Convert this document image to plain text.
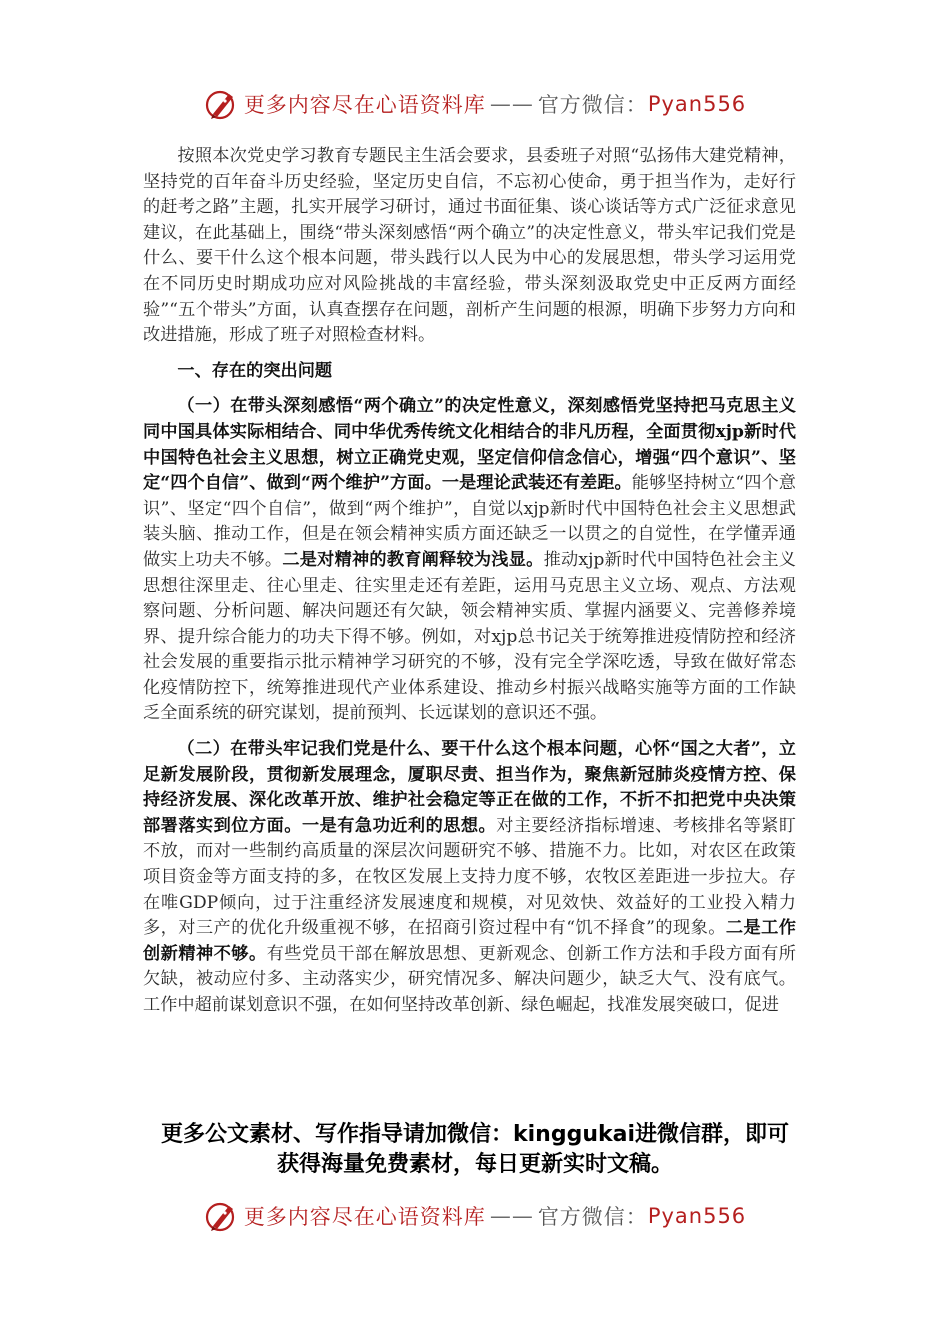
更多内容尽在心语资料库 —— 官方微信： Pyan556

按照本次党史学习教育专题民主生活会要求，县委班子对照“弘扬伟大建党精神，坚持党的百年奋斗历史经验，坚定历史自信，不忘初心使命，勇于担当作为，走好行的赶考之路”主题，扎实开展学习研讨，通过书面征集、谈心谈话等方式广泛征求意见建议，在此基础上，围绕“带头深刻感悟“两个确立”的决定性意义，带头牢记我们党是什么、要干什么这个根本问题，带头践行以人民为中心的发展思想，带头学习运用党在不同历史时期成功应对风险挑战的丰富经验，带头深刻汲取党史中正反两方面经验”“五个带头”方面，认真查摆存在问题，剖析产生问题的根源，明确下步努力方向和改进措施，形成了班子对照检查材料。

一、存在的突出问题

（一）在带头深刻感悟“两个确立”的决定性意义，深刻感悟党坚持把马克思主义同中国具体实际相结合、同中华优秀传统文化相结合的非凡历程，全面贯彻xjp新时代中国特色社会主义思想，树立正确党史观，坚定信仰信念信心，增强“四个意识”、坚定“四个自信”、做到“两个维护”方面。一是理论武装还有差距。能够坚持树立“四个意识”、坚定“四个自信”，做到“两个维护”，自觉以xjp新时代中国特色社会主义思想武装头脑、推动工作，但是在领会精神实质方面还缺乏一以贯之的自觉性，在学懂弄通做实上功夫不够。二是对精神的教育阐释较为浅显。推动xjp新时代中国特色社会主义思想往深里走、往心里走、往实里走还有差距，运用马克思主义立场、观点、方法观察问题、分析问题、解决问题还有欠缺，领会精神实质、掌握内涵要义、完善修养境界、提升综合能力的功夫下得不够。例如，对xjp总书记关于统筹推进疫情防控和经济社会发展的重要指示批示精神学习研究的不够，没有完全学深吃透，导致在做好常态化疫情防控下，统筹推进现代产业体系建设、推动乡村振兴战略实施等方面的工作缺乏全面系统的研究谋划，提前预判、长远谋划的意识还不强。

（二）在带头牢记我们党是什么、要干什么这个根本问题，心怀“国之大者”，立足新发展阶段，贯彻新发展理念，厦职尽责、担当作为，聚焦新冠肺炎疫情方控、保持经济发展、深化改革开放、维护社会稳定等正在做的工作，不折不扣把党中央决策部署落实到位方面。一是有急功近利的思想。对主要经济指标增速、考核排名等紧盯不放，而对一些制约高质量的深层次问题研究不够、措施不力。比如，对农区在政策项目资金等方面支持的多，在牧区发展上支持力度不够，农牧区差距进一步拉大。存在唯GDP倾向，过于注重经济发展速度和规模，对见效快、效益好的工业投入精力多，对三产的优化升级重视不够，在招商引资过程中有“饥不择食”的现象。二是工作创新精神不够。有些党员干部在解放思想、更新观念、创新工作方法和手段方面有所欠缺，被动应付多、主动落实少，研究情况多、解决问题少，缺乏大气、没有底气。工作中超前谋划意识不强，在如何坚持改革创新、绿色崛起，找准发展突破口，促进

更多公文素材、写作指导请加微信：kinggukai进微信群，即可
获得海量免费素材，每日更新实时文稿。
更多内容尽在心语资料库 —— 官方微信： Pyan556
